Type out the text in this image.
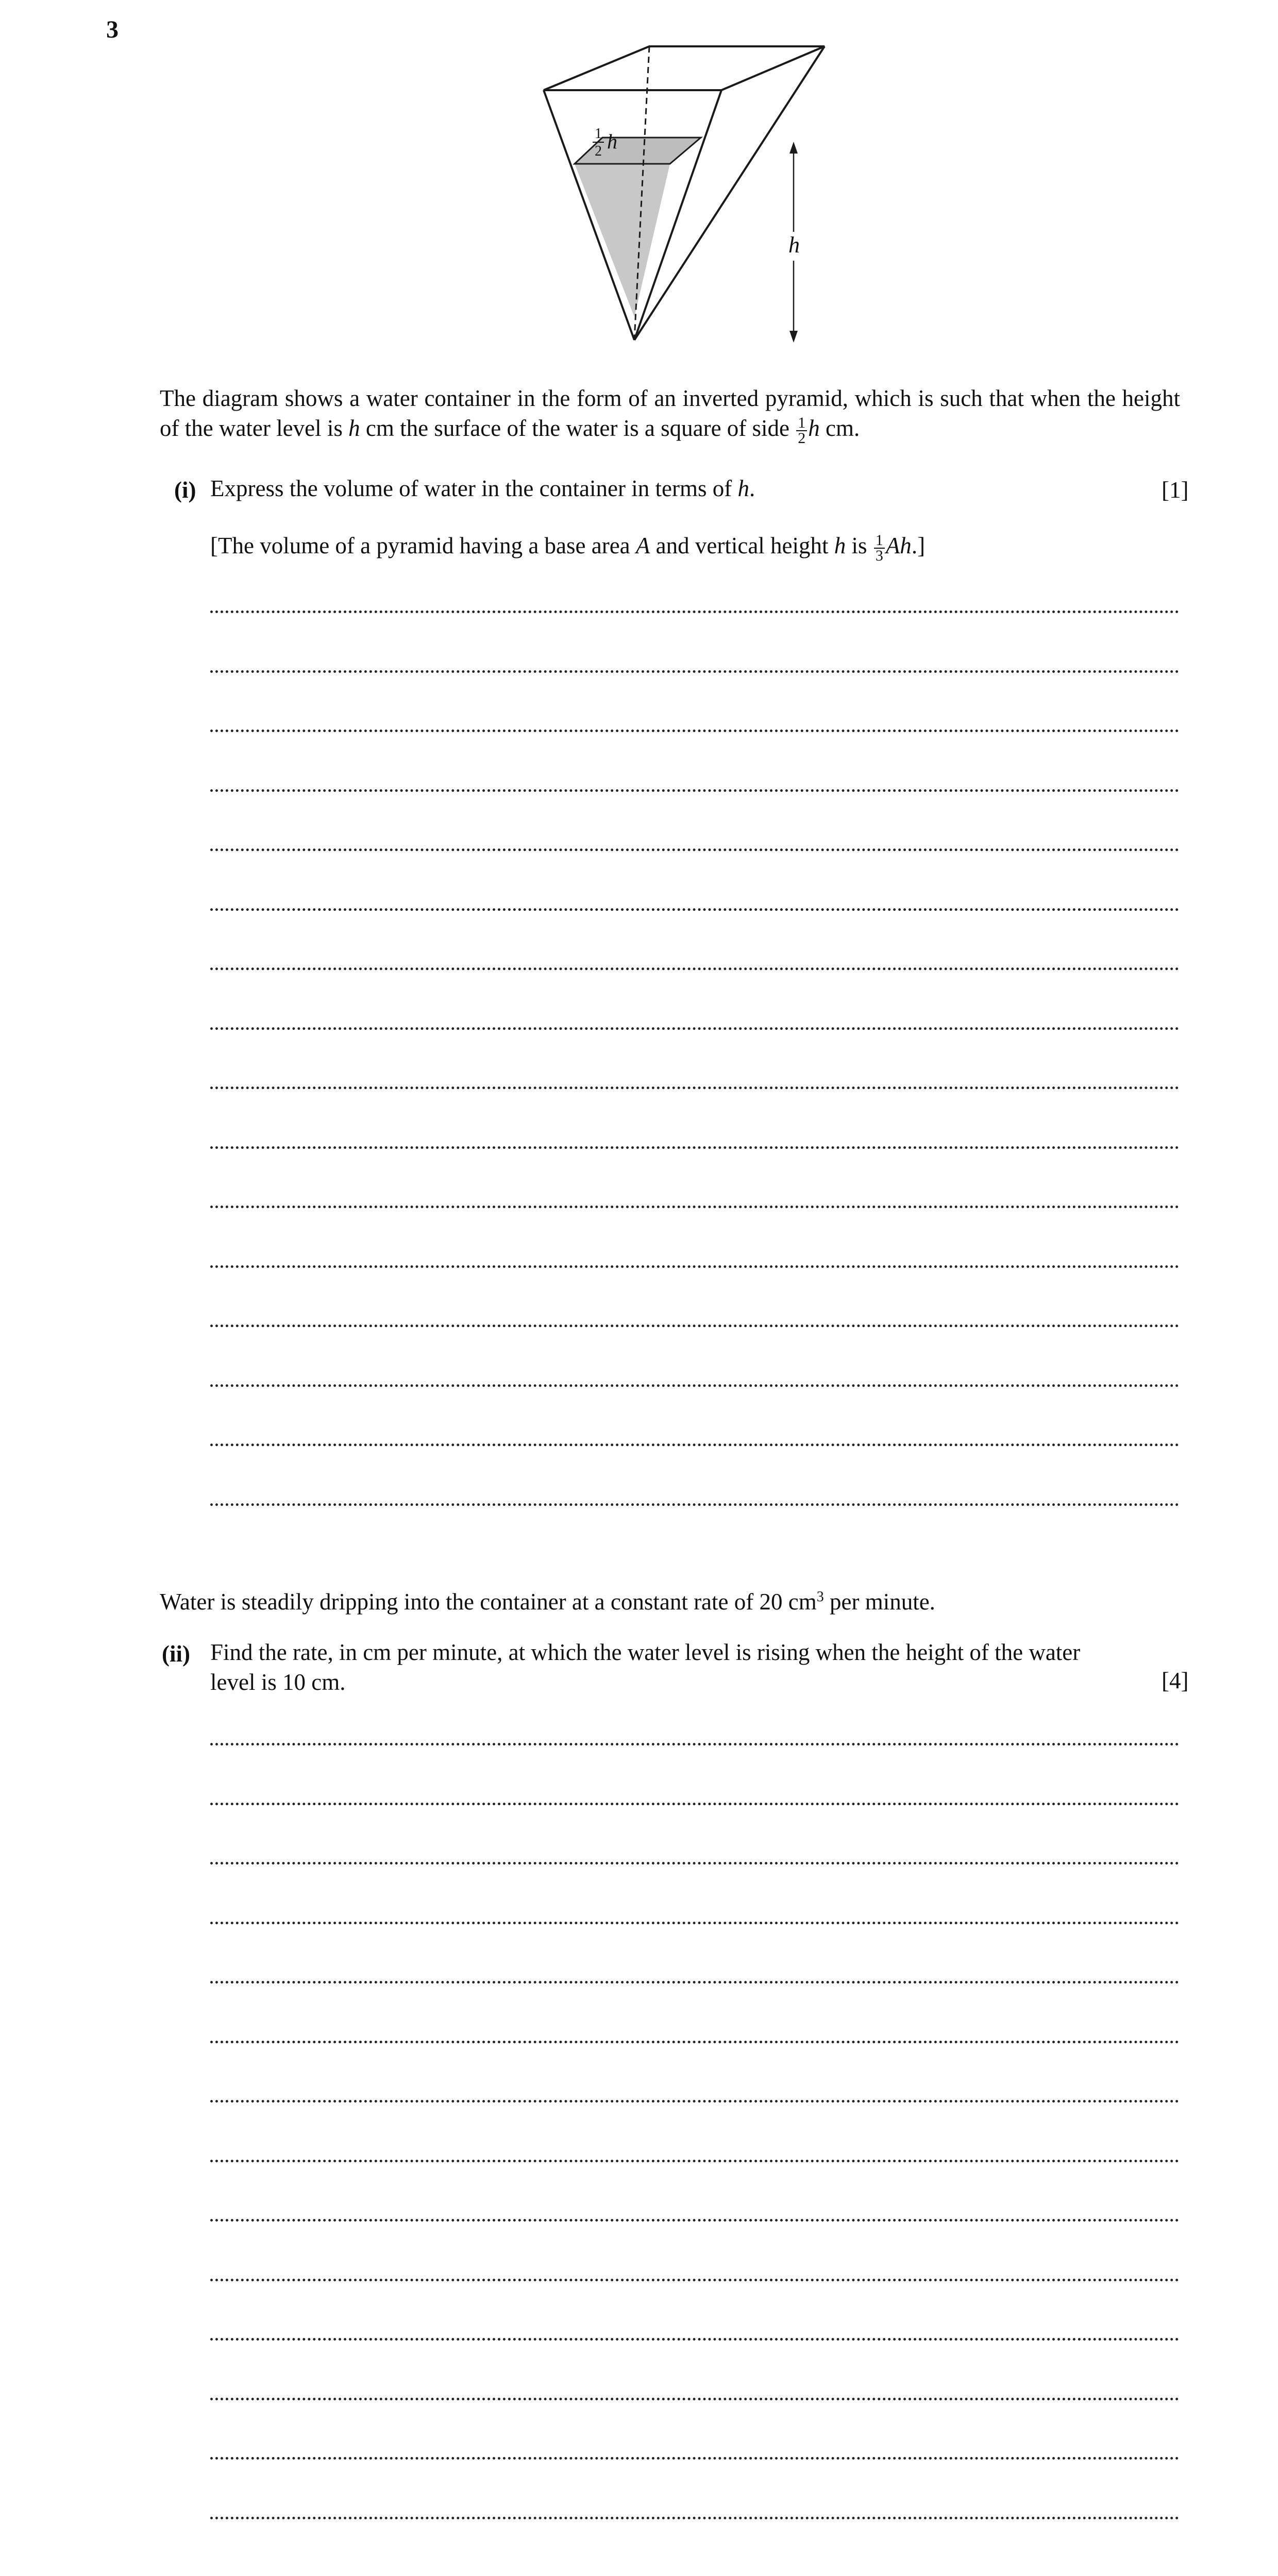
3
h
1
2 h
The diagram shows a water container in the form of an inverted pyramid, which is such that when the height of the water level is h cm the surface of the water is a square of side $\frac{1}{2}$ h cm.
(i) Express the volume of water in the container in terms of h.	[1]
[The volume of a pyramid having a base area A and vertical height h is $\frac{1}{3} Ah$.]
Water is steadily dripping into the container at a constant rate of 20 $cm^3$ per minute.
(ii) Find the rate, in cm per minute, at which the water level is rising when the height of the water
level is 10 cm.	[4]
